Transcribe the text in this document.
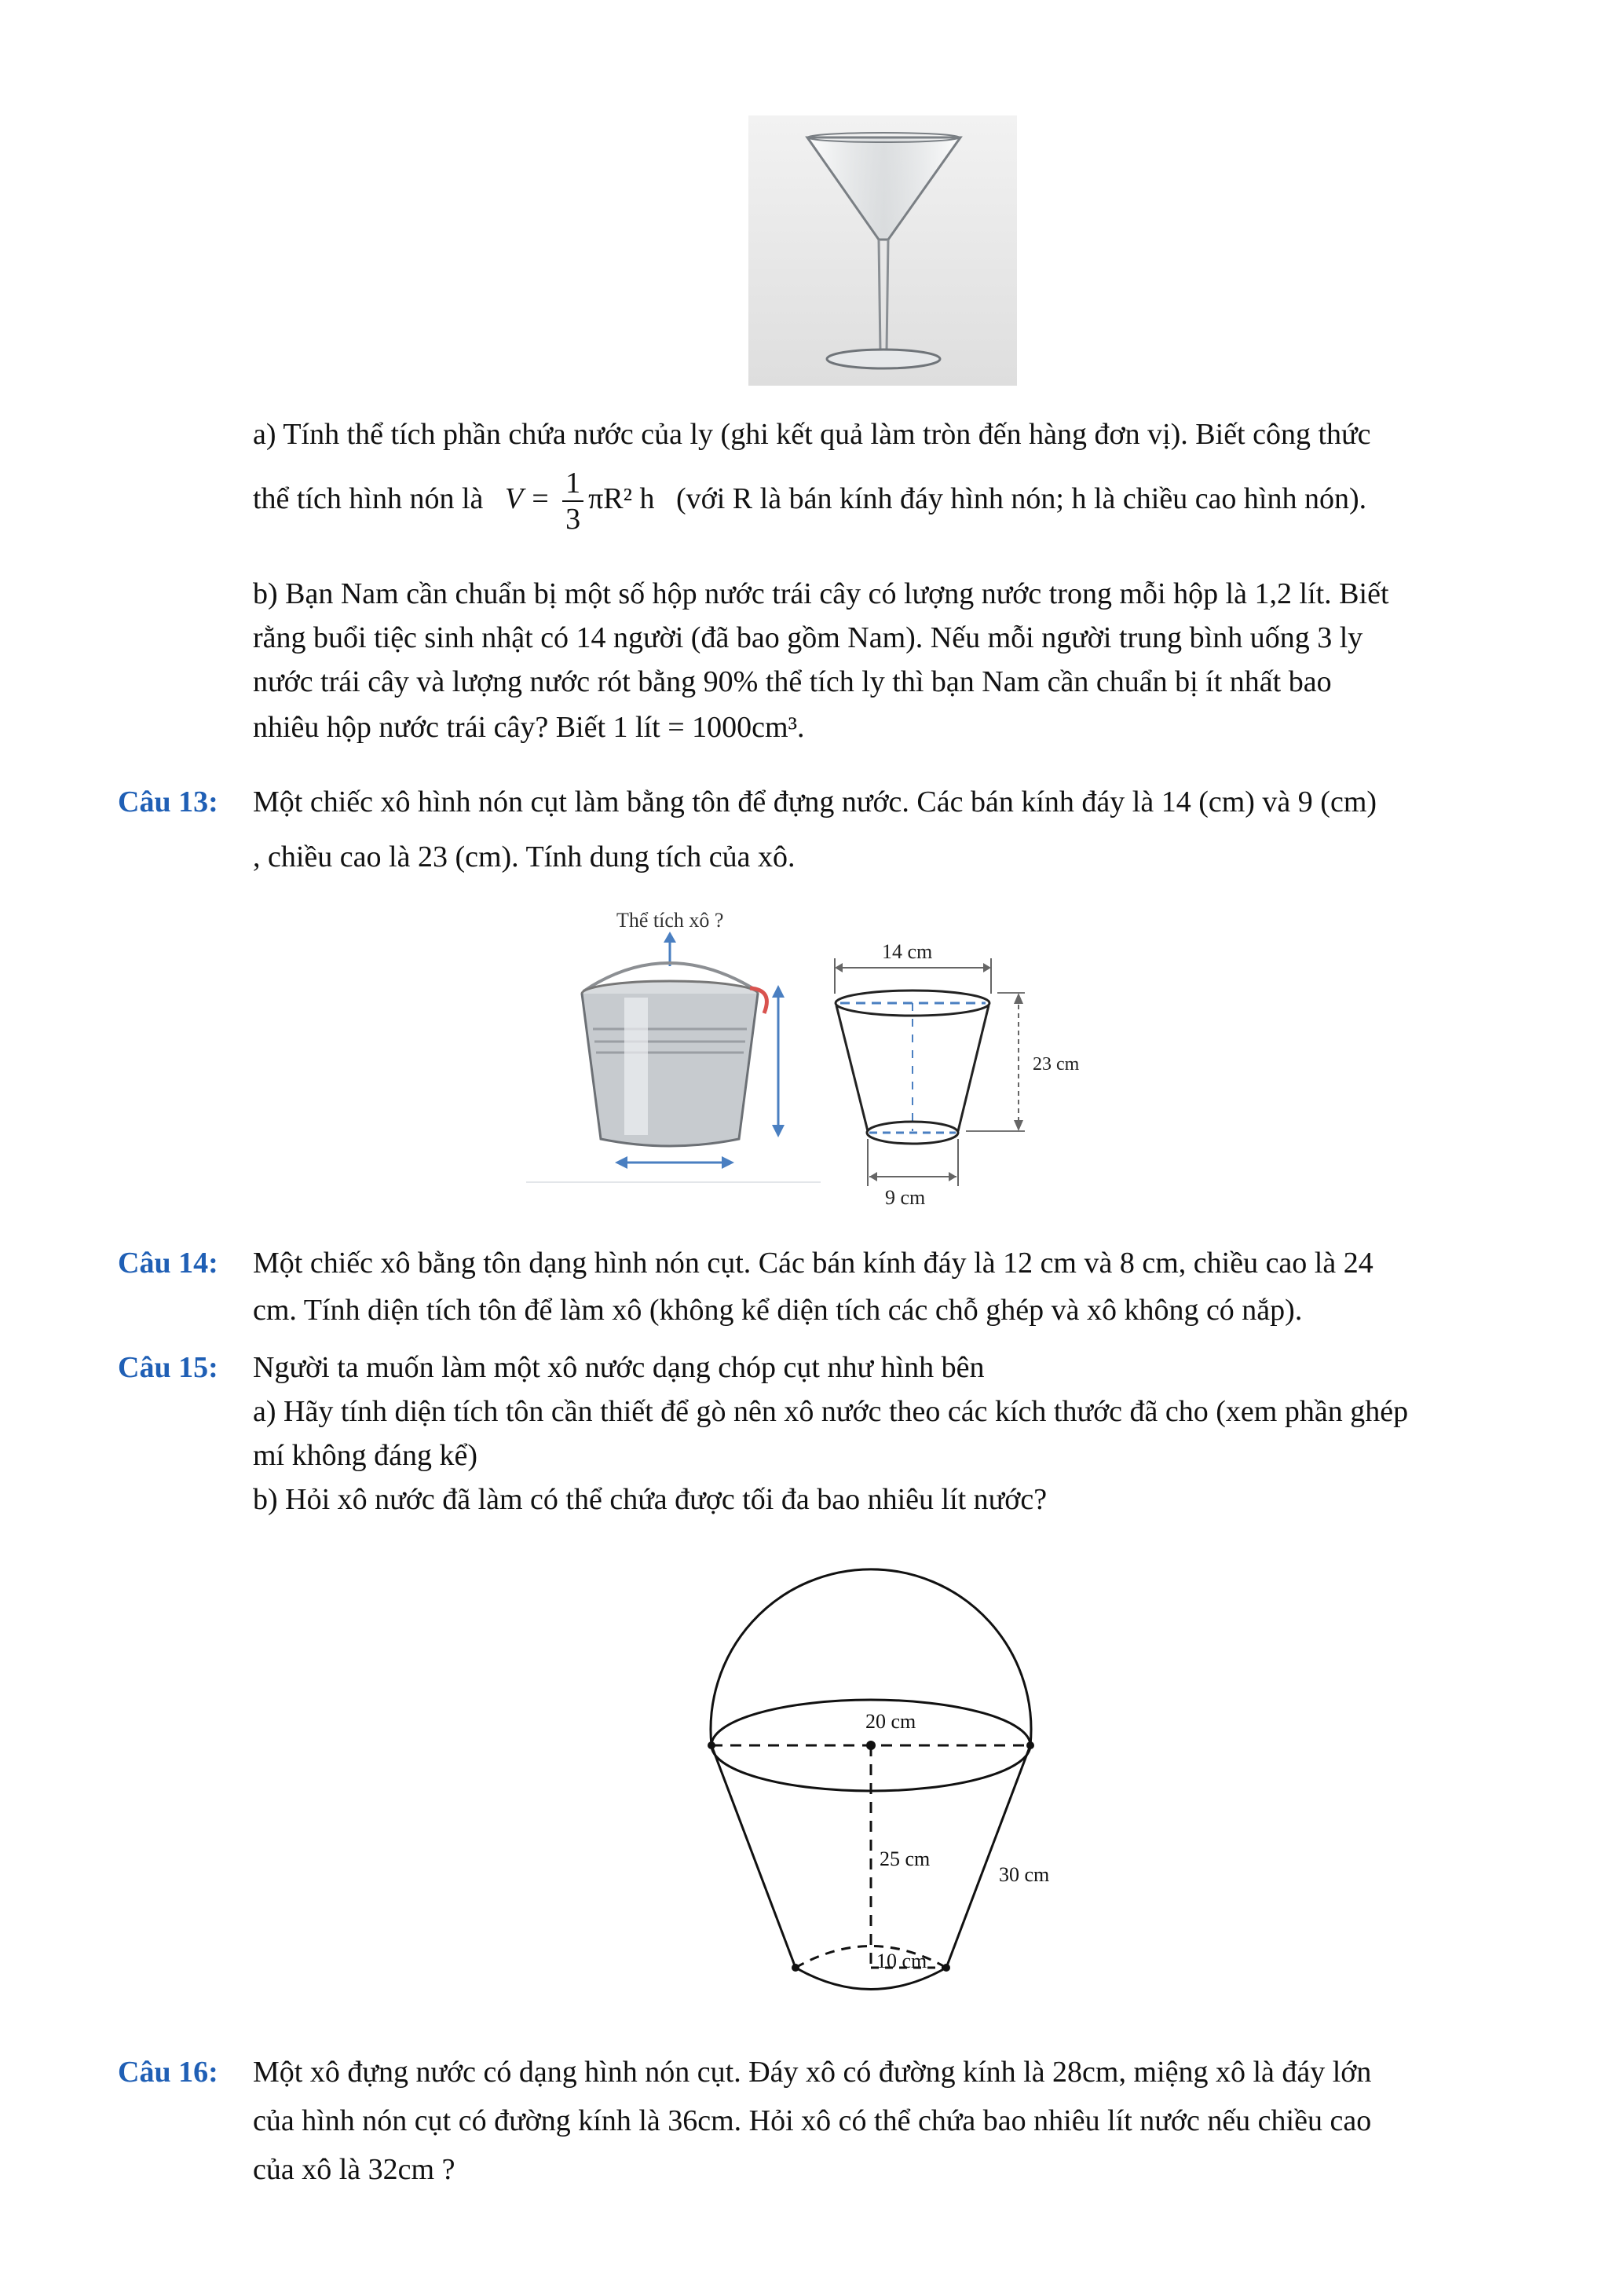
a) Tính thể tích phần chứa nước của ly (ghi kết quả làm tròn đến hàng đơn vị). Biết công thức
thể tích hình nón là $V = \frac{1}{3} \pi R^2$ h (với R là bán kính đáy hình nón; h là chiều cao hình nón).
b) Bạn Nam cần chuẩn bị một số hộp nước trái cây có lượng nước trong mỗi hộp là 1,2 lít. Biết
rằng buổi tiệc sinh nhật có 14 người (đã bao gồm Nam). Nếu mỗi người trung bình uống 3 ly
nước trái cây và lượng nước rót bằng 90% thể tích ly thì bạn Nam cần chuẩn bị ít nhất bao
nhiêu hộp nước trái cây? Biết 1 lít = 1000cm³.
Câu 13: Một chiếc xô hình nón cụt làm bằng tôn để đựng nước. Các bán kính đáy là 14 (cm) và 9 (cm)
, chiều cao là 23 (cm). Tính dung tích của xô.
Thể tích xô ?
14 cm
23 cm
9 cm
Câu 14: Một chiếc xô bằng tôn dạng hình nón cụt. Các bán kính đáy là 12 cm và 8 cm, chiều cao là 24
cm. Tính diện tích tôn để làm xô (không kể diện tích các chỗ ghép và xô không có nắp).
Câu 15: Người ta muốn làm một xô nước dạng chóp cụt như hình bên
a) Hãy tính diện tích tôn cần thiết để gò nên xô nước theo các kích thước đã cho (xem phần ghép
mí không đáng kể)
b) Hỏi xô nước đã làm có thể chứa được tối đa bao nhiêu lít nước?
20 cm
25 cm
30 cm
10 cm
Câu 16: Một xô đựng nước có dạng hình nón cụt. Đáy xô có đường kính là 28cm, miệng xô là đáy lớn
của hình nón cụt có đường kính là 36cm. Hỏi xô có thể chứa bao nhiêu lít nước nếu chiều cao
của xô là 32cm ?
